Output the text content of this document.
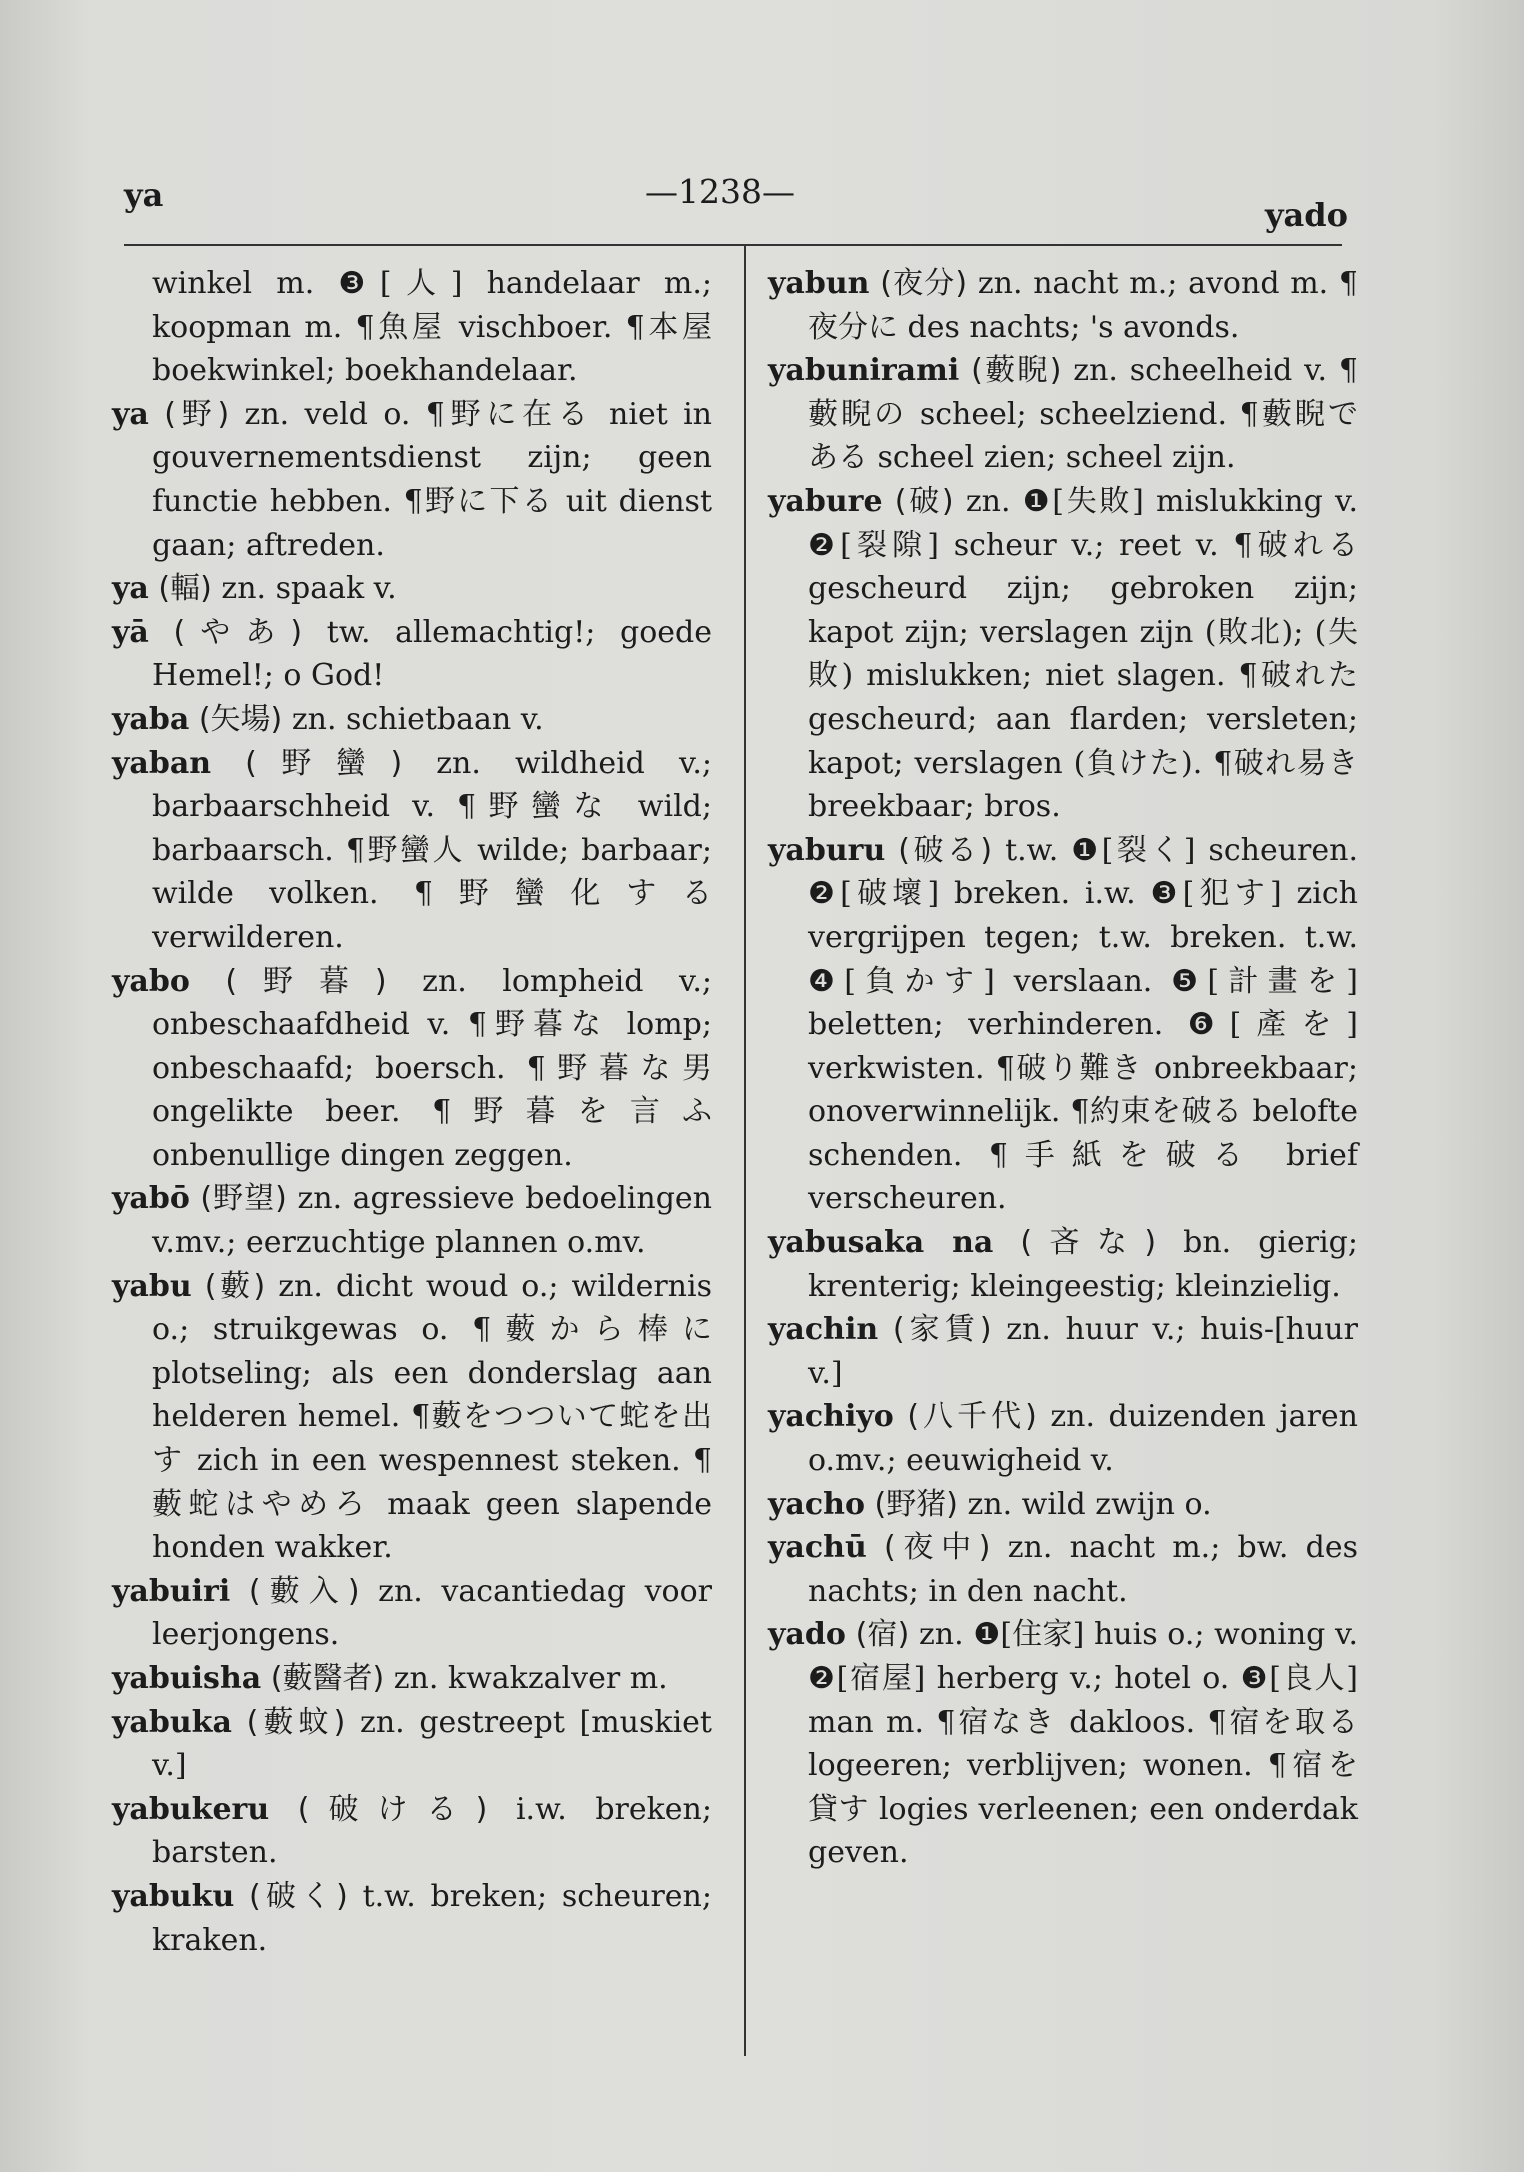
ya	—1238—
yado

winkel m. ❸[人] handelaar m.; koopman m. ¶魚屋 vischboer. ¶本屋 boekwinkel; boekhandelaar.

ya (野) zn. veld o. ¶野に在る niet in gouvernementsdienst zijn; geen functie hebben. ¶野に下る uit dienst gaan; aftreden.

ya (輻) zn. spaak v.

yā (やあ) tw. allemachtig!; goede Hemel!; o God!

yaba (矢場) zn. schietbaan v.

yaban (野蠻) zn. wildheid v.; barbaarschheid v. ¶野蠻な wild; barbaarsch. ¶野蠻人 wilde; barbaar; wilde volken. ¶野蠻化する verwilderen.

yabo (野暮) zn. lompheid v.; onbeschaafdheid v. ¶野暮な lomp; onbeschaafd; boersch. ¶野暮な男 ongelikte beer. ¶野暮を言ふ onbenullige dingen zeggen.

yabō (野望) zn. agressieve bedoelingen v.mv.; eerzuchtige plannen o.mv.

yabu (藪) zn. dicht woud o.; wildernis o.; struikgewas o. ¶藪から棒に plotseling; als een donderslag aan helderen hemel. ¶藪をつついて蛇を出す zich in een wespennest steken. ¶藪蛇はやめろ maak geen slapende honden wakker.

yabuiri (藪入) zn. vacantiedag voor leerjongens.

yabuisha (藪醫者) zn. kwakzalver m.

yabuka (藪蚊) zn. gestreept [muskiet v.]

yabukeru (破ける) i.w. breken; barsten.

yabuku (破く) t.w. breken; scheuren; kraken.

yabun (夜分) zn. nacht m.; avond m. ¶夜分に des nachts; 's avonds.

yabunirami (藪睨) zn. scheelheid v. ¶藪睨の scheel; scheelziend. ¶藪睨である scheel zien; scheel zijn.

yabure (破) zn. ❶[失敗] mislukking v. ❷[裂隙] scheur v.; reet v. ¶破れる gescheurd zijn; gebroken zijn; kapot zijn; verslagen zijn (敗北); (失敗) mislukken; niet slagen. ¶破れた gescheurd; aan flarden; versleten; kapot; verslagen (負けた). ¶破れ易き breekbaar; bros.

yaburu (破る) t.w. ❶[裂く] scheuren. ❷[破壞] breken. i.w. ❸[犯す] zich vergrijpen tegen; t.w. breken. t.w. ❹[負かす] verslaan. ❺[計畫を] beletten; verhinderen. ❻[產を] verkwisten. ¶破り難き onbreekbaar; onoverwinnelijk. ¶約束を破る belofte schenden. ¶手紙を破る brief verscheuren.

yabusaka na (吝な) bn. gierig; krenterig; kleingeestig; kleinzielig.

yachin (家賃) zn. huur v.; huis-[huur v.]

yachiyo (八千代) zn. duizenden jaren o.mv.; eeuwigheid v.

yacho (野猪) zn. wild zwijn o.

yachū (夜中) zn. nacht m.; bw. des nachts; in den nacht.

yado (宿) zn. ❶[住家] huis o.; woning v. ❷[宿屋] herberg v.; hotel o. ❸[良人] man m. ¶宿なき dakloos. ¶宿を取る logeeren; verblijven; wonen. ¶宿を貸す logies verleenen; een onderdak geven.
